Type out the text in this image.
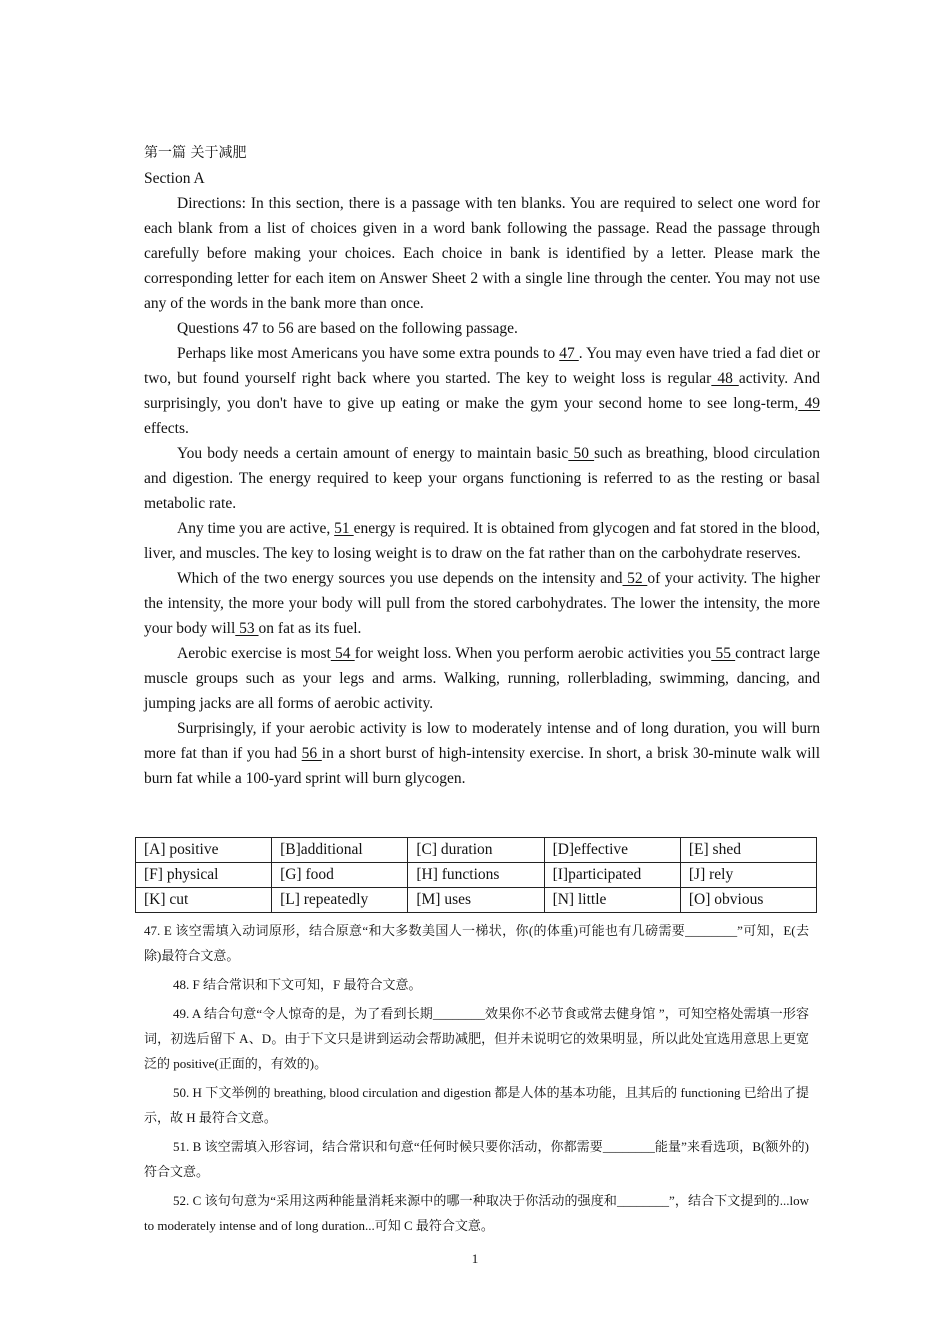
第一篇 关于减肥
Section A

Directions: In this section, there is a passage with ten blanks. You are required to select one word for each blank from a list of choices given in a word bank following the passage. Read the passage through carefully before making your choices. Each choice in bank is identified by a letter. Please mark the corresponding letter for each item on Answer Sheet 2 with a single line through the center. You may not use any of the words in the bank more than once.

Questions 47 to 56 are based on the following passage.

Perhaps like most Americans you have some extra pounds to 47 . You may even have tried a fad diet or two, but found yourself right back where you started. The key to weight loss is regular 48 activity. And surprisingly, you don't have to give up eating or make the gym your second home to see long-term, 49 effects.

You body needs a certain amount of energy to maintain basic 50 such as breathing, blood circulation and digestion. The energy required to keep your organs functioning is referred to as the resting or basal metabolic rate.

Any time you are active, 51 energy is required. It is obtained from glycogen and fat stored in the blood, liver, and muscles. The key to losing weight is to draw on the fat rather than on the carbohydrate reserves.

Which of the two energy sources you use depends on the intensity and 52 of your activity. The higher the intensity, the more your body will pull from the stored carbohydrates. The lower the intensity, the more your body will 53 on fat as its fuel.

Aerobic exercise is most 54 for weight loss. When you perform aerobic activities you 55 contract large muscle groups such as your legs and arms. Walking, running, rollerblading, swimming, dancing, and jumping jacks are all forms of aerobic activity.

Surprisingly, if your aerobic activity is low to moderately intense and of long duration, you will burn more fat than if you had 56 in a short burst of high-intensity exercise. In short, a brisk 30-minute walk will burn fat while a 100-yard sprint will burn glycogen.

[A] positive	[B]additional	[C] duration	[D]effective	[E] shed
[F] physical	[G] food	[H] functions	[I]participated	[J] rely
[K] cut	[L] repeatedly	[M] uses	[N] little	[O] obvious

47. E 该空需填入动词原形，结合原意“和大多数美国人一梯状，你(的体重)可能也有几磅需要________”可知，E(去除)最符合文意。

48. F 结合常识和下文可知，F 最符合文意。

49. A 结合句意“令人惊奇的是，为了看到长期________效果你不必节食或常去健身馆 ”，可知空格处需填一形容词，初选后留下 A、D。由于下文只是讲到运动会帮助减肥，但并未说明它的效果明显，所以此处宜选用意思上更宽泛的 positive(正面的，有效的)。

50. H 下文举例的 breathing, blood circulation and digestion 都是人体的基本功能，且其后的 functioning 已给出了提示，故 H 最符合文意。

51. B 该空需填入形容词，结合常识和句意“任何时候只要你活动，你都需要________能量”来看选项，B(额外的)符合文意。

52. C 该句句意为“采用这两种能量消耗来源中的哪一种取决于你活动的强度和________”，结合下文提到的...low to moderately intense and of long duration...可知 C 最符合文意。

1
